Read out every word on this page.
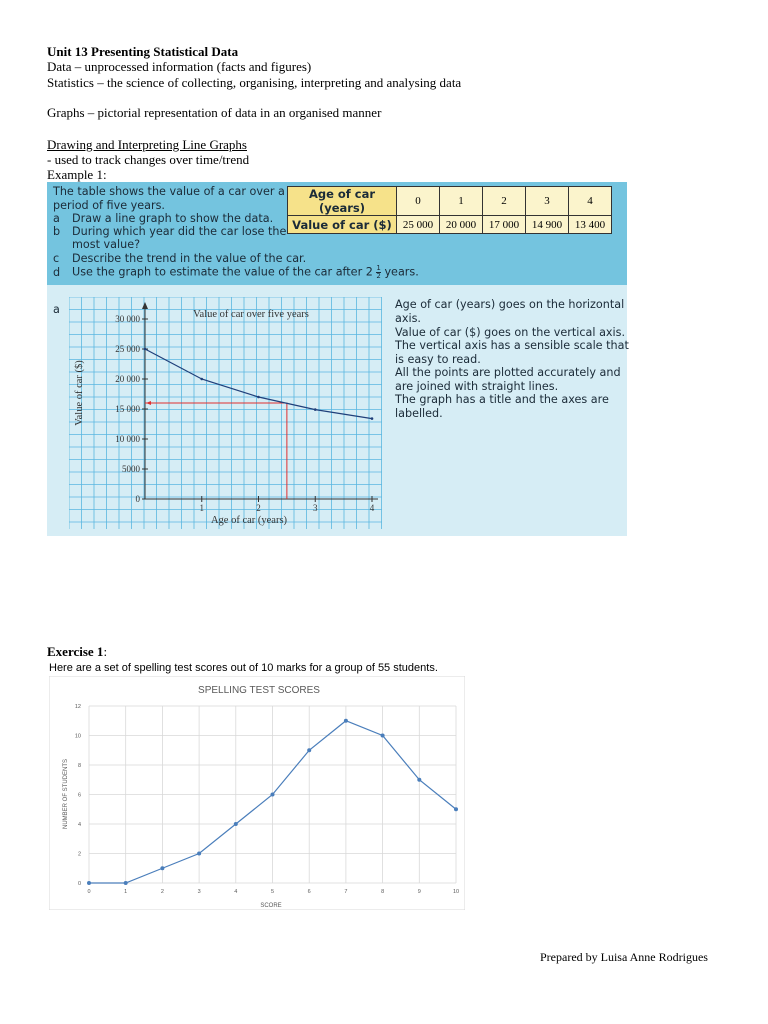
Unit 13 Presenting Statistical Data
Data – unprocessed information (facts and figures)
Statistics – the science of collecting, organising, interpreting and analysing data
Graphs – pictorial representation of data in an organised manner
Drawing and Interpreting Line Graphs
- used to track changes over time/trend
Example 1:
The table shows the value of a car over a
period of five years.
a Draw a line graph to show the data.
b During which year did the car lose the
most value?
c Describe the trend in the value of the car.
d Use the graph to estimate the value of the car after $2 \frac{1}{2}$ years.
Age of car (years)	0	1	2	3	4
Value of car ($)	25 000	20 000	17 000	14 900	13 400
a
0
5000
10 000
15 000
20 000
25 000
30 000
1	2	3	4
Value of car over five years
Age of car (years)
Value of car ($)
Age of car (years) goes on the horizontal
axis.
Value of car ($) goes on the vertical axis.
The vertical axis has a sensible scale that
is easy to read.
All the points are plotted accurately and
are joined with straight lines.
The graph has a title and the axes are
labelled.
Exercise 1:
Here are a set of spelling test scores out of 10 marks for a group of 55 students.
SPELLING TEST SCORES
SCORE
NUMBER OF STUDENTS
0
2
4
6
8
10
12
0	1	2	3	4	5	6	7	8	9	10
Prepared by Luisa Anne Rodrigues
